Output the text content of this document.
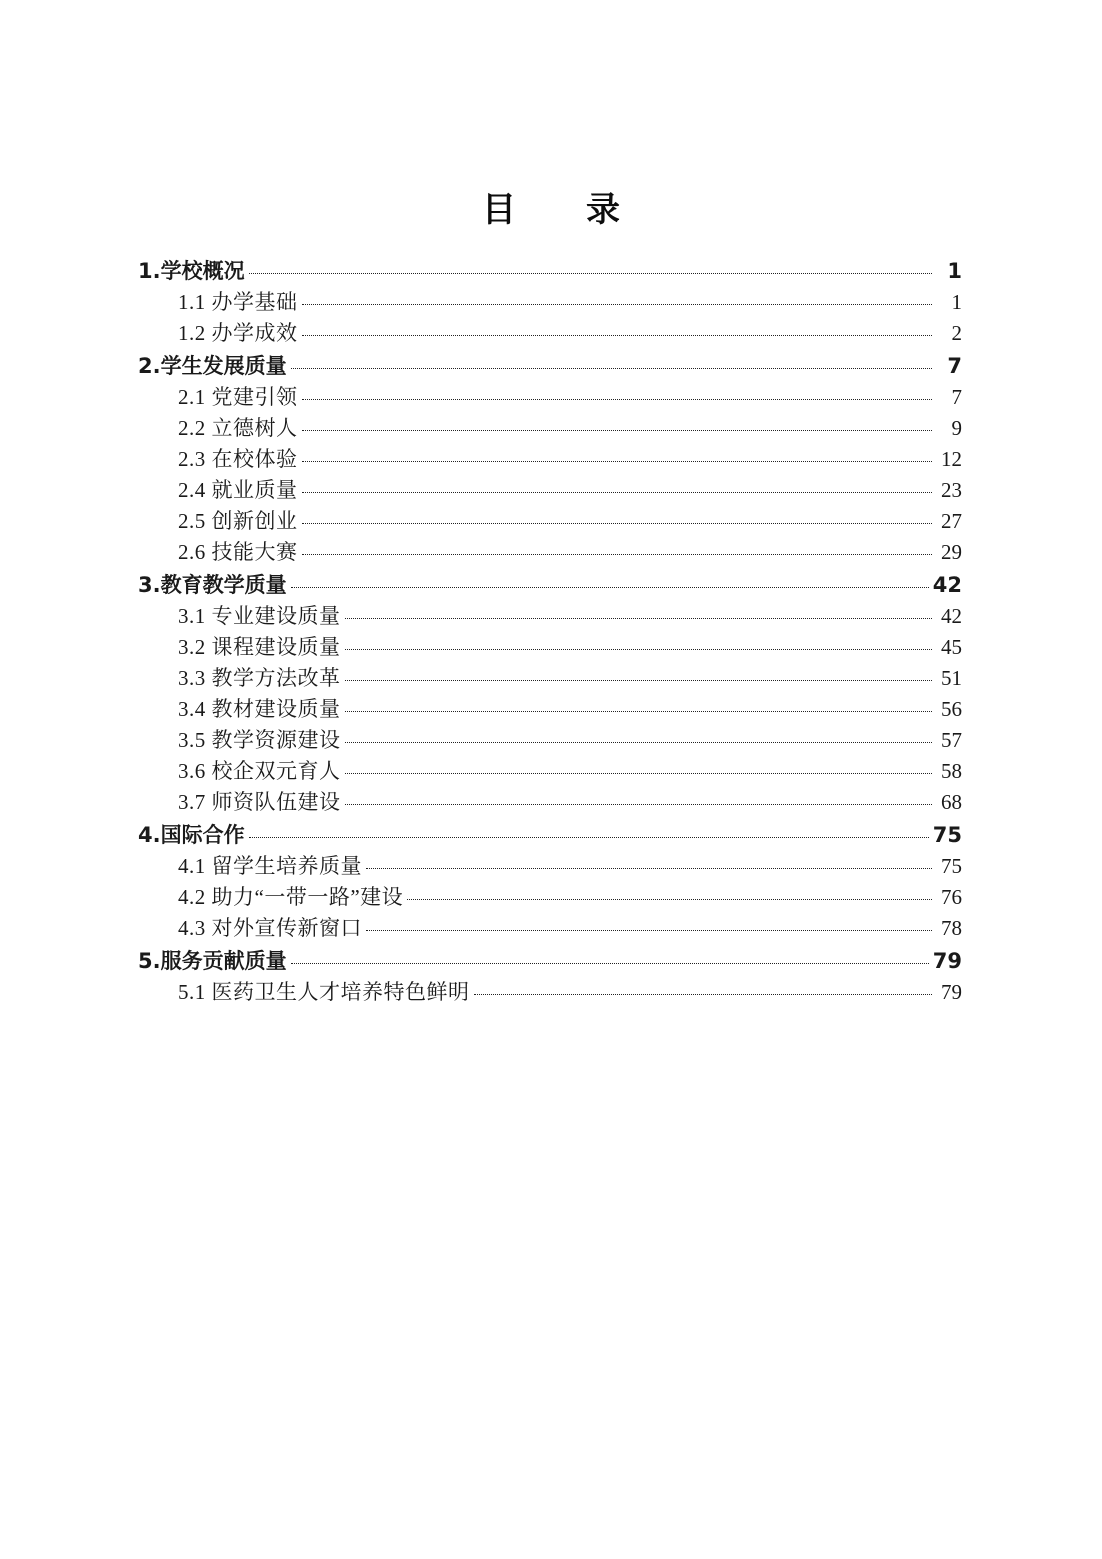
目　录
1.学校概况	1
1.1 办学基础	1
1.2 办学成效	2
2.学生发展质量	7
2.1 党建引领	7
2.2 立德树人	9
2.3 在校体验	12
2.4 就业质量	23
2.5 创新创业	27
2.6 技能大赛	29
3.教育教学质量	42
3.1 专业建设质量	42
3.2 课程建设质量	45
3.3 教学方法改革	51
3.4 教材建设质量	56
3.5 教学资源建设	57
3.6 校企双元育人	58
3.7 师资队伍建设	68
4.国际合作	75
4.1 留学生培养质量	75
4.2 助力“一带一路”建设	76
4.3 对外宣传新窗口	78
5.服务贡献质量	79
5.1 医药卫生人才培养特色鲜明	79
